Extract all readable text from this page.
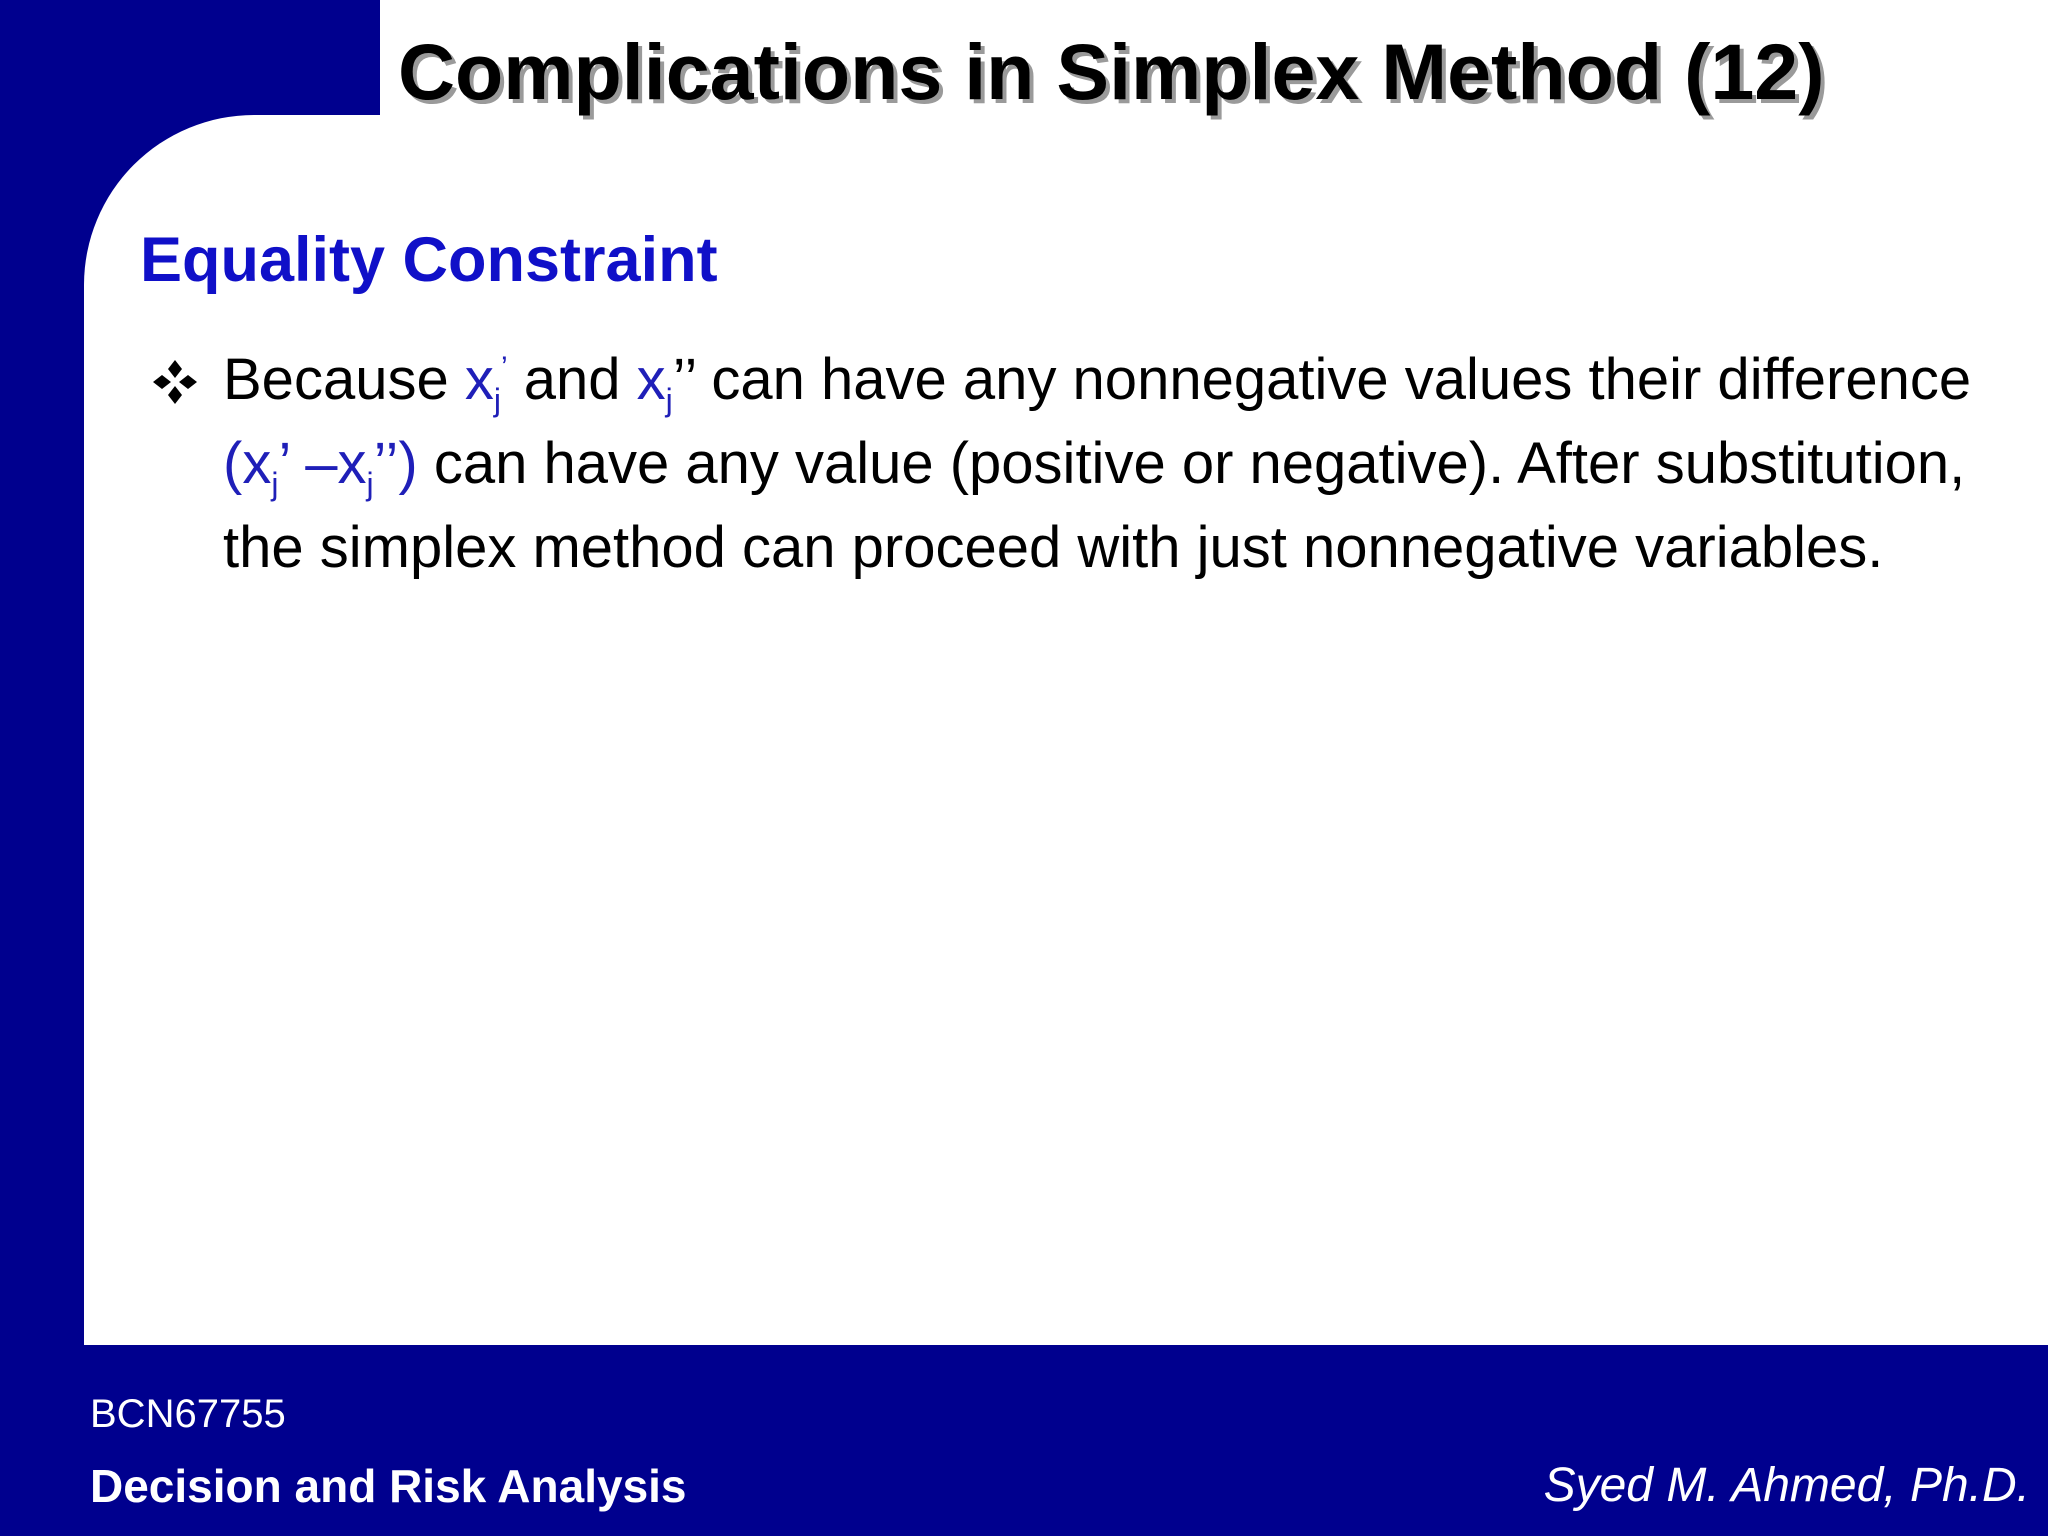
Complications in Simplex Method (12)
Equality Constraint

Because $x_j^’$ and $x_j$’’ can have any nonnegative values their difference ($x_j$’ $-x_j$’’) can have any value (positive or negative). After substitution, the simplex method can proceed with just nonnegative variables.

BCN67755
Decision and Risk Analysis	Syed M. Ahmed, Ph.D.
